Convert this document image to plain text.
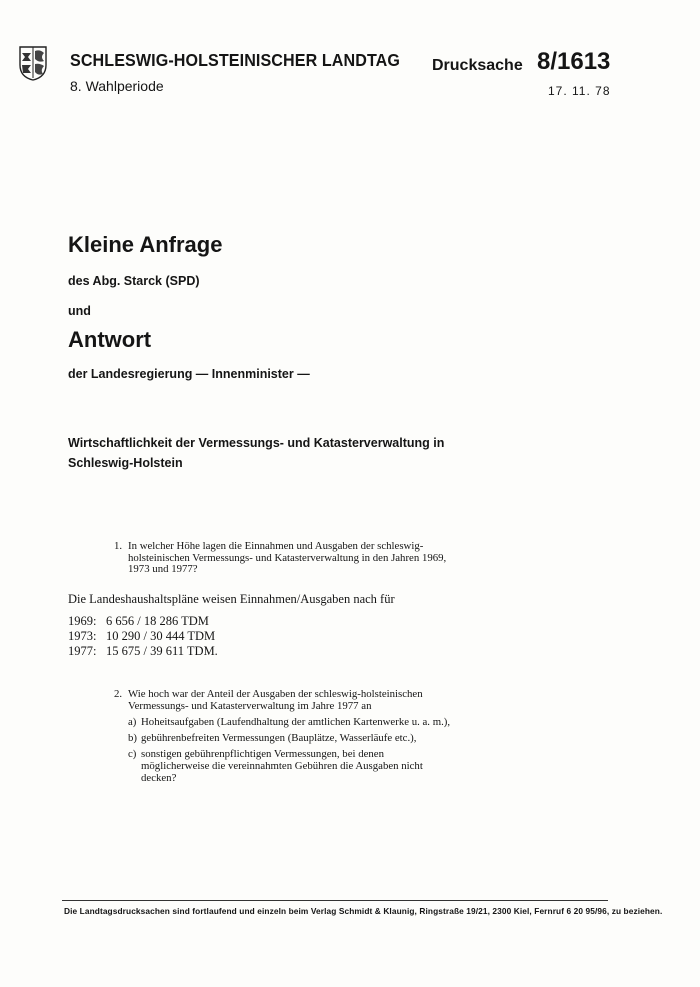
SCHLESWIG-HOLSTEINISCHER LANDTAG
8. Wahlperiode
Drucksache 8/1613
17. 11. 78
Kleine Anfrage
des Abg. Starck (SPD)
und
Antwort
der Landesregierung — Innenminister —
Wirtschaftlichkeit der Vermessungs- und Katasterverwaltung in
Schleswig-Holstein
1. In welcher Höhe lagen die Einnahmen und Ausgaben der schleswig-holsteinischen Vermessungs- und Katasterverwaltung in den Jahren 1969, 1973 und 1977?
Die Landeshaushaltspläne weisen Einnahmen/Ausgaben nach für
1969: 6 656 / 18 286 TDM
1973: 10 290 / 30 444 TDM
1977: 15 675 / 39 611 TDM.
2. Wie hoch war der Anteil der Ausgaben der schleswig-holsteinischen Vermessungs- und Katasterverwaltung im Jahre 1977 an
a) Hoheitsaufgaben (Laufendhaltung der amtlichen Kartenwerke u. a. m.),
b) gebührenbefreiten Vermessungen (Bauplätze, Wasserläufe etc.),
c) sonstigen gebührenpflichtigen Vermessungen, bei denen möglicherweise die vereinnahmten Gebühren die Ausgaben nicht decken?
Die Landtagsdrucksachen sind fortlaufend und einzeln beim Verlag Schmidt & Klaunig, Ringstraße 19/21, 2300 Kiel, Fernruf 6 20 95/96, zu beziehen.
